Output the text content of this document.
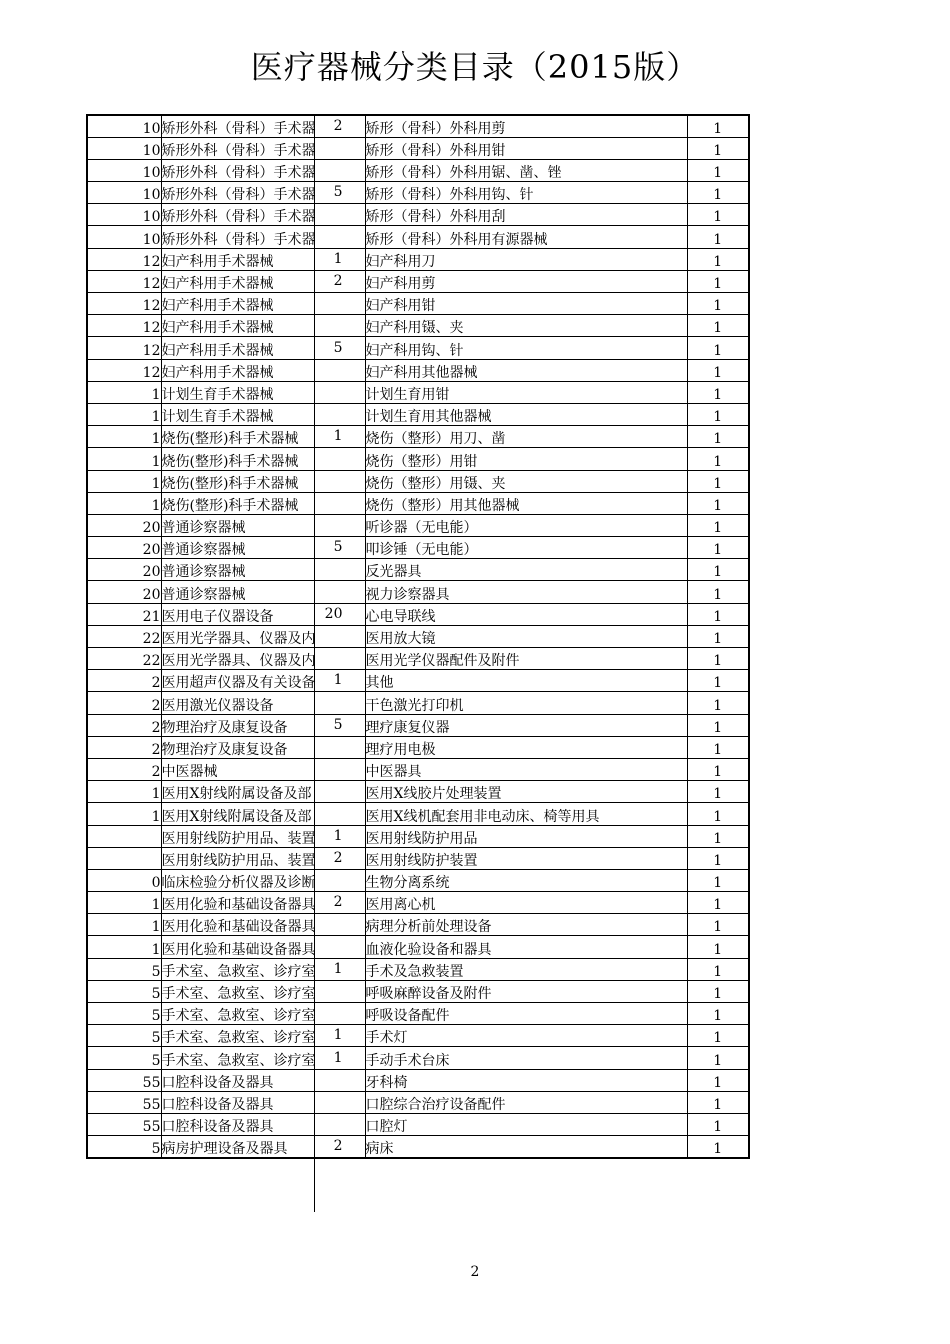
医疗器械分类目录（2015版）
10	矫形外科（骨科）手术器 2	矫形（骨科）外科用剪	1
10	矫形外科（骨科）手术器	矫形（骨科）外科用钳	1
10	矫形外科（骨科）手术器	矫形（骨科）外科用锯、凿、锉	1
10	矫形外科（骨科）手术器 5	矫形（骨科）外科用钩、针	1
10	矫形外科（骨科）手术器	矫形（骨科）外科用刮	1
10	矫形外科（骨科）手术器	矫形（骨科）外科用有源器械	1
12	妇产科用手术器械 1	妇产科用刀	1
12	妇产科用手术器械 2	妇产科用剪	1
12	妇产科用手术器械	妇产科用钳	1
12	妇产科用手术器械	妇产科用镊、夹	1
12	妇产科用手术器械 5	妇产科用钩、针	1
12	妇产科用手术器械	妇产科用其他器械	1
1	计划生育手术器械	计划生育用钳	1
1	计划生育手术器械	计划生育用其他器械	1
1	烧伤(整形)科手术器械 1	烧伤（整形）用刀、凿	1
1	烧伤(整形)科手术器械	烧伤（整形）用钳	1
1	烧伤(整形)科手术器械	烧伤（整形）用镊、夹	1
1	烧伤(整形)科手术器械	烧伤（整形）用其他器械	1
20	普通诊察器械	听诊器（无电能）	1
20	普通诊察器械 5	叩诊锤（无电能）	1
20	普通诊察器械	反光器具	1
20	普通诊察器械	视力诊察器具	1
21	医用电子仪器设备 20	心电导联线	1
22	医用光学器具、仪器及内	医用放大镜	1
22	医用光学器具、仪器及内	医用光学仪器配件及附件	1
2	医用超声仪器及有关设备 1	其他	1
2	医用激光仪器设备	干色激光打印机	1
2	物理治疗及康复设备 5	理疗康复仪器	1
2	物理治疗及康复设备	理疗用电极	1
2	中医器械	中医器具	1
1	医用X射线附属设备及部	医用X线胶片处理装置	1
1	医用X射线附属设备及部	医用X线机配套用非电动床、椅等用具	1
	医用射线防护用品、装置 1	医用射线防护用品	1
	医用射线防护用品、装置 2	医用射线防护装置	1
0	临床检验分析仪器及诊断	生物分离系统	1
1	医用化验和基础设备器具 2	医用离心机	1
1	医用化验和基础设备器具	病理分析前处理设备	1
1	医用化验和基础设备器具	血液化验设备和器具	1
5	手术室、急救室、诊疗室 1	手术及急救装置	1
5	手术室、急救室、诊疗室	呼吸麻醉设备及附件	1
5	手术室、急救室、诊疗室	呼吸设备配件	1
5	手术室、急救室、诊疗室 1	手术灯	1
5	手术室、急救室、诊疗室 1	手动手术台床	1
55	口腔科设备及器具	牙科椅	1
55	口腔科设备及器具	口腔综合治疗设备配件	1
55	口腔科设备及器具	口腔灯	1
5	病房护理设备及器具 2	病床	1
2
